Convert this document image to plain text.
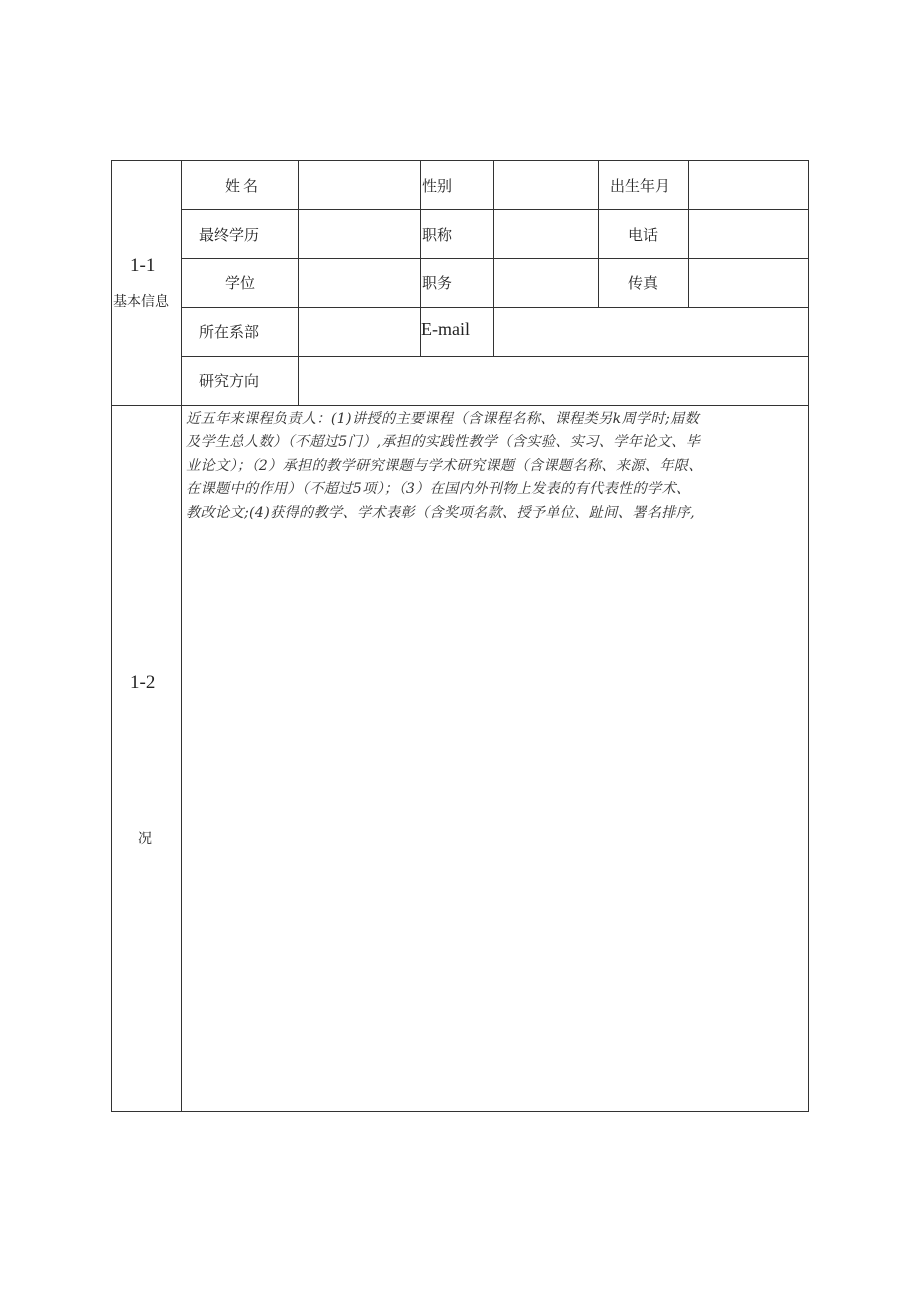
1-1
基本信息
姓名	性别	出生年月
最终学历	职称	电话
学位	职务	传真
所在系部	E-mail
研究方向
1-2
况
近五年来课程负责人：(1)讲授的主要课程（含课程名称、课程类另k周学时;届数
及学生总人数）（不超过5门）,承担的实践性教学（含实验、实习、学年论文、毕
业论文）；（2）承担的教学研究课题与学术研究课题（含课题名称、来源、年限、
在课题中的作用）（不超过5项）；（3）在国内外刊物上发表的有代表性的学术、
教改论文;(4)获得的教学、学术表彰（含奖项名款、授予单位、趾间、署名排序,
